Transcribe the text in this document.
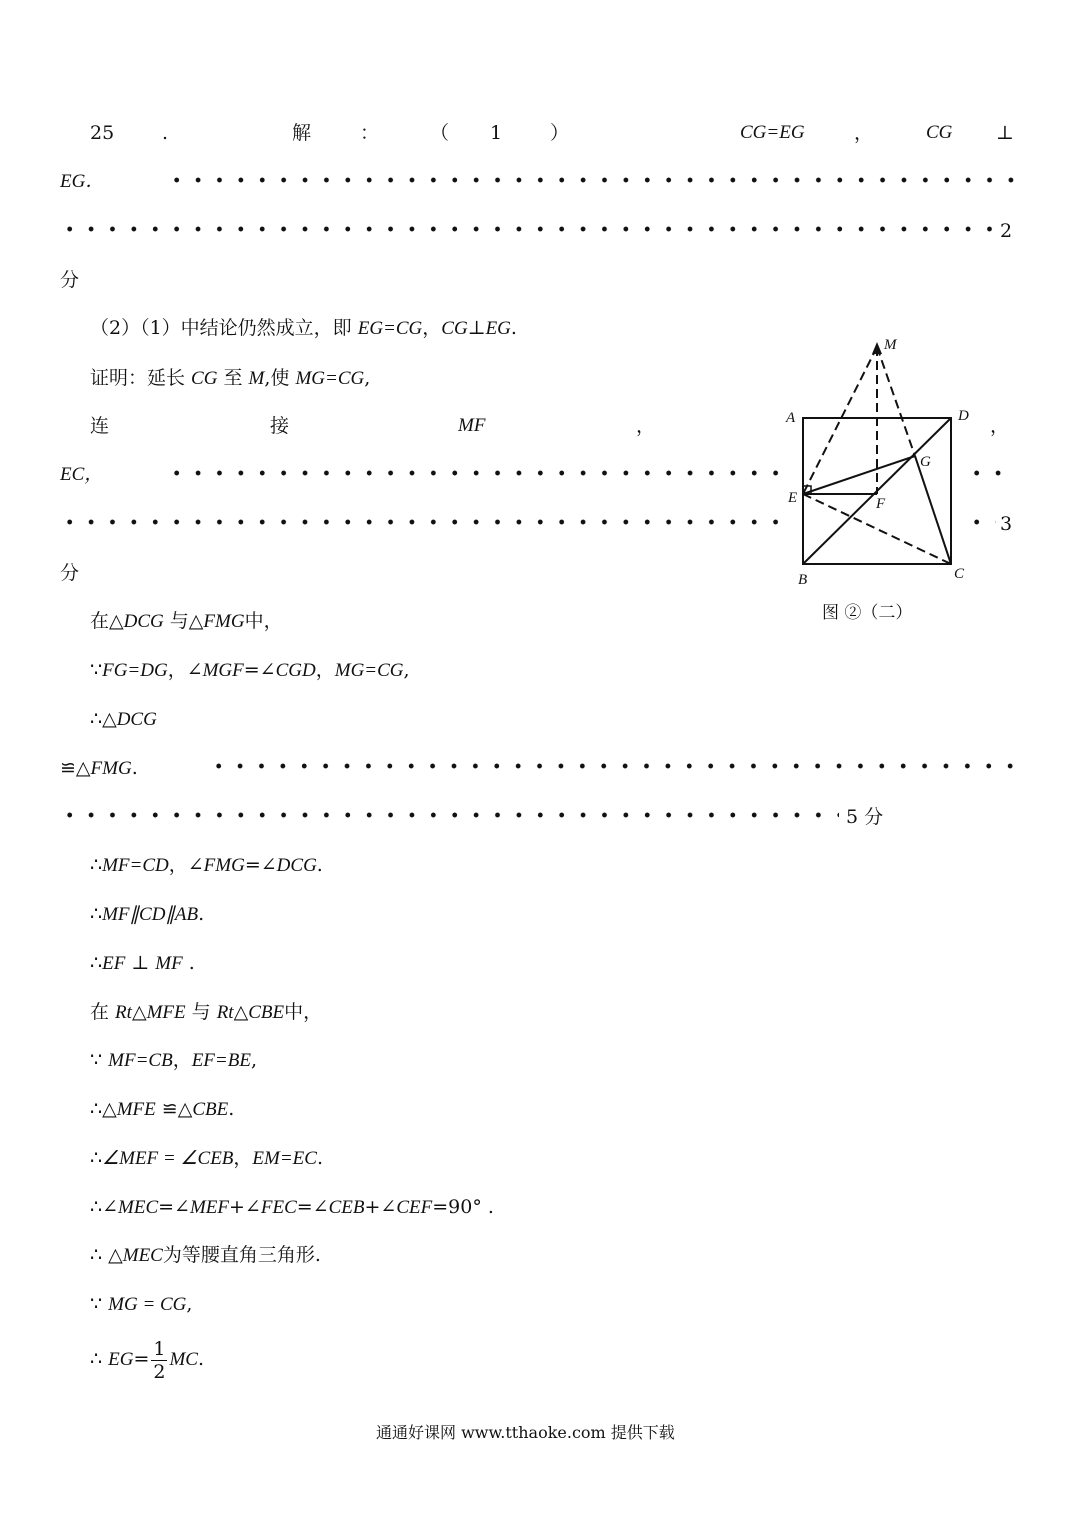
25	.	解	：	（ 1	）	CG=EG	，	CG ⊥
EG．
2
分
（2）（1）中结论仍然成立，即 EG=CG，CG⊥EG.
证明：延长 CG 至 M,使 MG=CG,
连	接	MF	，	，
EC，
3
分
在△DCG 与△FMG中，
∵FG=DG，∠MGF=∠CGD，MG=CG,
∴△DCG
≌△FMG.
5 分
∴MF=CD，∠FMG=∠DCG.
∴MF∥CD∥AB.
∴EF ⊥ MF .
在 Rt△MFE 与 Rt△CBE中，
∵ MF=CB，EF=BE,
∴△MFE ≌△CBE.
∴∠MEF = ∠CEB，EM=EC.
∴∠MEC=∠MEF+∠FEC=∠CEB+∠CEF=90° .
∴ △MEC为等腰直角三角形.
∵ MG = CG,
∴ $EG= \frac{1}{2}$ MC.
M
A	D
G
E	F
B	C
图 ②（二）
通通好课网 www.tthaoke.com 提供下载
